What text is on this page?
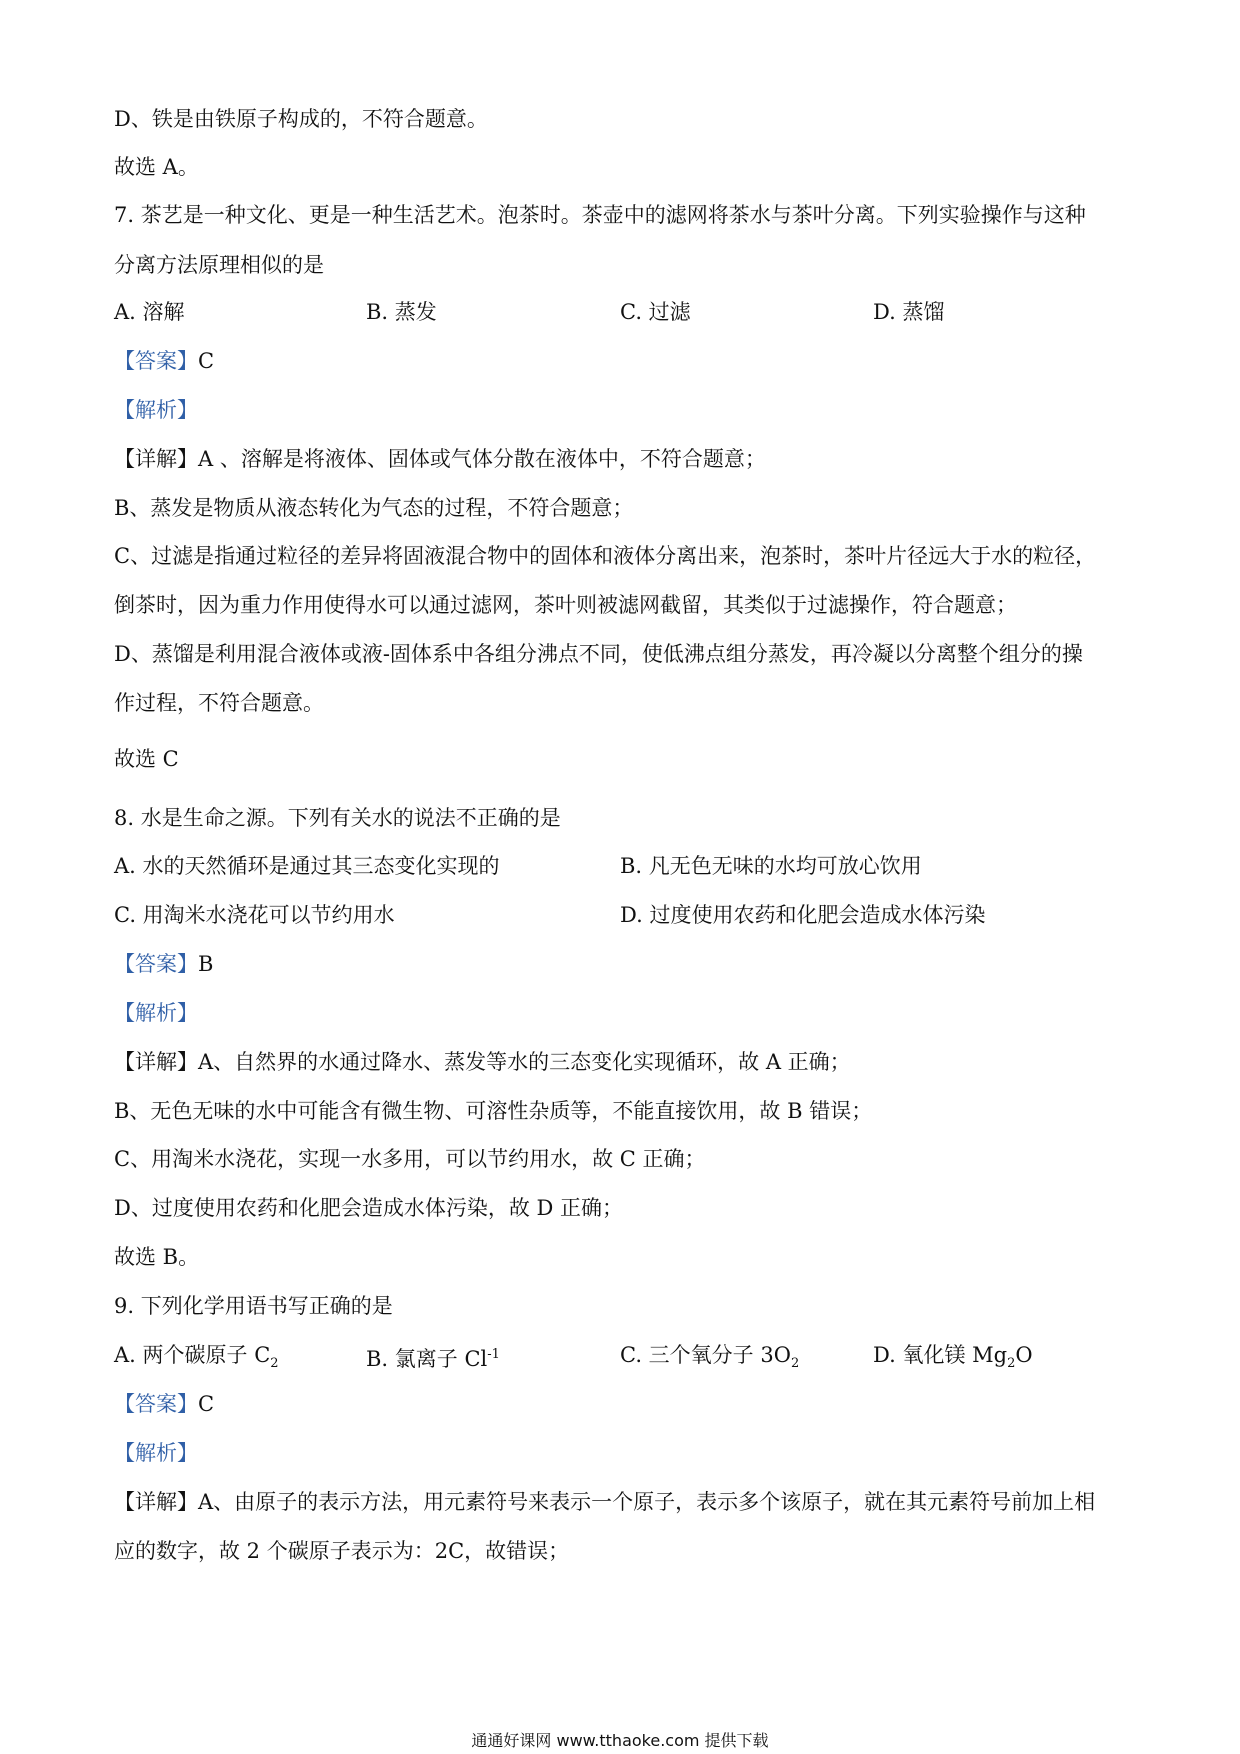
D、铁是由铁原子构成的，不符合题意。
故选 A。
7. 茶艺是一种文化、更是一种生活艺术。泡茶时。茶壶中的滤网将茶水与茶叶分离。下列实验操作与这种
分离方法原理相似的是
A. 溶解	B. 蒸发	C. 过滤	D. 蒸馏
【答案】C
【解析】
【详解】A 、溶解是将液体、固体或气体分散在液体中，不符合题意；
B、蒸发是物质从液态转化为气态的过程，不符合题意；
C、过滤是指通过粒径的差异将固液混合物中的固体和液体分离出来，泡茶时，茶叶片径远大于水的粒径，
倒茶时，因为重力作用使得水可以通过滤网，茶叶则被滤网截留，其类似于过滤操作，符合题意；
D、蒸馏是利用混合液体或液-固体系中各组分沸点不同，使低沸点组分蒸发，再冷凝以分离整个组分的操
作过程，不符合题意。
故选 C
8. 水是生命之源。下列有关水的说法不正确的是
A. 水的天然循环是通过其三态变化实现的	B. 凡无色无味的水均可放心饮用
C. 用淘米水浇花可以节约用水	D. 过度使用农药和化肥会造成水体污染
【答案】B
【解析】
【详解】A、自然界的水通过降水、蒸发等水的三态变化实现循环，故 A 正确；
B、无色无味的水中可能含有微生物、可溶性杂质等，不能直接饮用，故 B 错误；
C、用淘米水浇花，实现一水多用，可以节约用水，故 C 正确；
D、过度使用农药和化肥会造成水体污染，故 D 正确；
故选 B。
9. 下列化学用语书写正确的是
A. 两个碳原子 $C_2$	B. 氯离子 $Cl^{-1}$	C. 三个氧分子 $3O_2$	D. 氧化镁 $Mg_2O$
【答案】C
【解析】
【详解】A、由原子的表示方法，用元素符号来表示一个原子，表示多个该原子，就在其元素符号前加上相
应的数字，故 2 个碳原子表示为：2C，故错误；
通通好课网 www.tthaoke.com 提供下载
